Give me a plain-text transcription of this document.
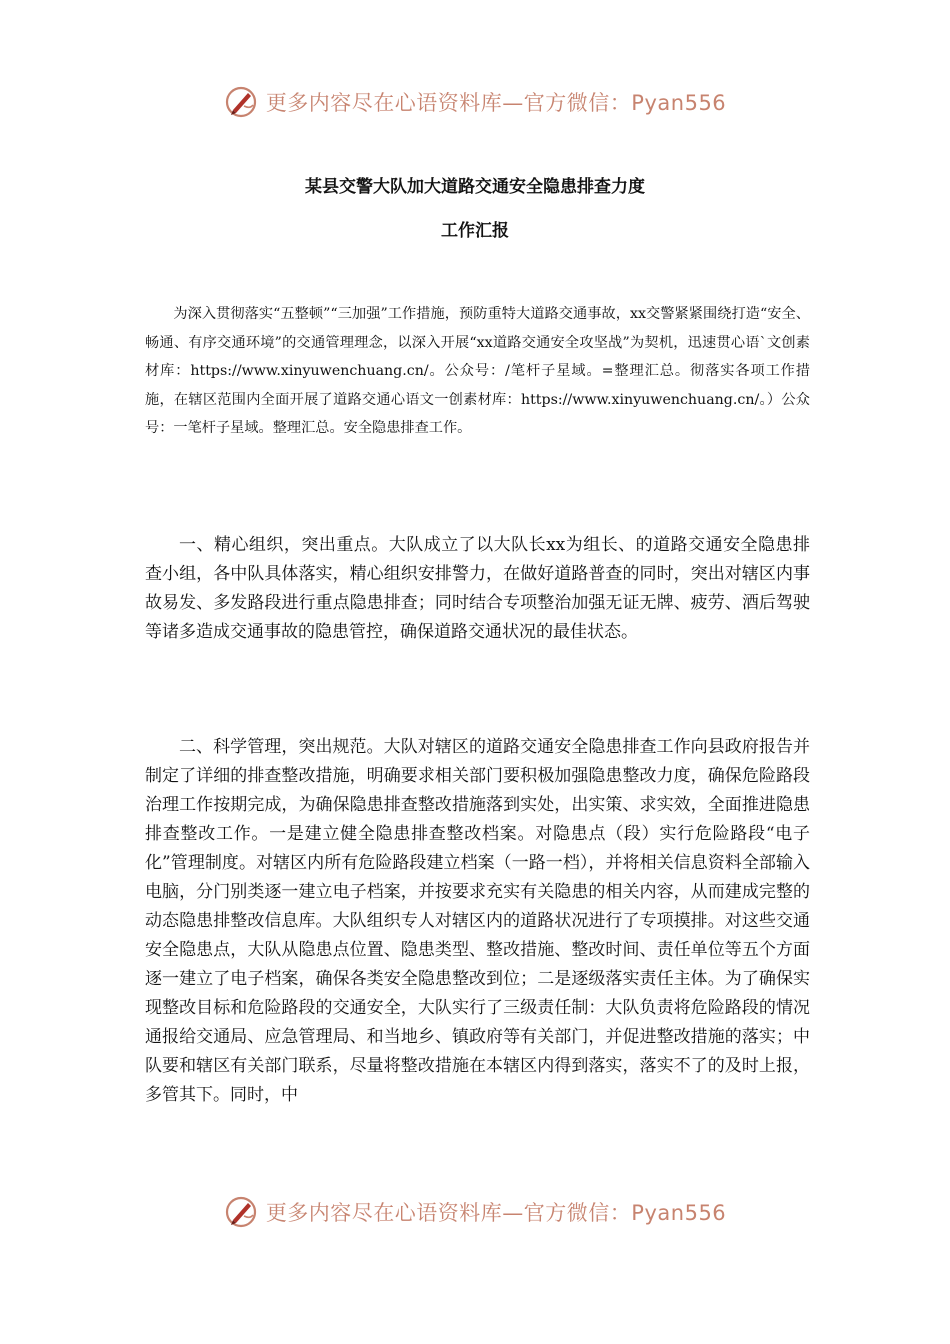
更多内容尽在心语资料库—官方微信：Pyan556
某县交警大队加大道路交通安全隐患排查力度
工作汇报

为深入贯彻落实“五整顿”“三加强”工作措施，预防重特大道路交通事故，xx交警紧紧围绕打造“安全、畅通、有序交通环境”的交通管理理念，以深入开展“xx道路交通安全攻坚战”为契机，迅速贯心语`文创素材库：https://www.xinyuwenchuang.cn/。公众号：/笔杆子星域。=整理汇总。彻落实各项工作措施，在辖区范围内全面开展了道路交通心语文一创素材库：https://www.xinyuwenchuang.cn/。）公众号：一笔杆子星域。整理汇总。安全隐患排查工作。

一、精心组织，突出重点。大队成立了以大队长xx为组长、的道路交通安全隐患排查小组，各中队具体落实，精心组织安排警力，在做好道路普查的同时，突出对辖区内事故易发、多发路段进行重点隐患排查；同时结合专项整治加强无证无牌、疲劳、酒后驾驶等诸多造成交通事故的隐患管控，确保道路交通状况的最佳状态。

二、科学管理，突出规范。大队对辖区的道路交通安全隐患排查工作向县政府报告并制定了详细的排查整改措施，明确要求相关部门要积极加强隐患整改力度，确保危险路段治理工作按期完成，为确保隐患排查整改措施落到实处，出实策、求实效，全面推进隐患排查整改工作。一是建立健全隐患排查整改档案。对隐患点（段）实行危险路段“电子化”管理制度。对辖区内所有危险路段建立档案（一路一档），并将相关信息资料全部输入电脑，分门别类逐一建立电子档案，并按要求充实有关隐患的相关内容，从而建成完整的动态隐患排整改信息库。大队组织专人对辖区内的道路状况进行了专项摸排。对这些交通安全隐患点，大队从隐患点位置、隐患类型、整改措施、整改时间、责任单位等五个方面逐一建立了电子档案，确保各类安全隐患整改到位；二是逐级落实责任主体。为了确保实现整改目标和危险路段的交通安全，大队实行了三级责任制：大队负责将危险路段的情况通报给交通局、应急管理局、和当地乡、镇政府等有关部门，并促进整改措施的落实；中队要和辖区有关部门联系，尽量将整改措施在本辖区内得到落实，落实不了的及时上报，多管其下。同时，中

更多内容尽在心语资料库—官方微信：Pyan556
